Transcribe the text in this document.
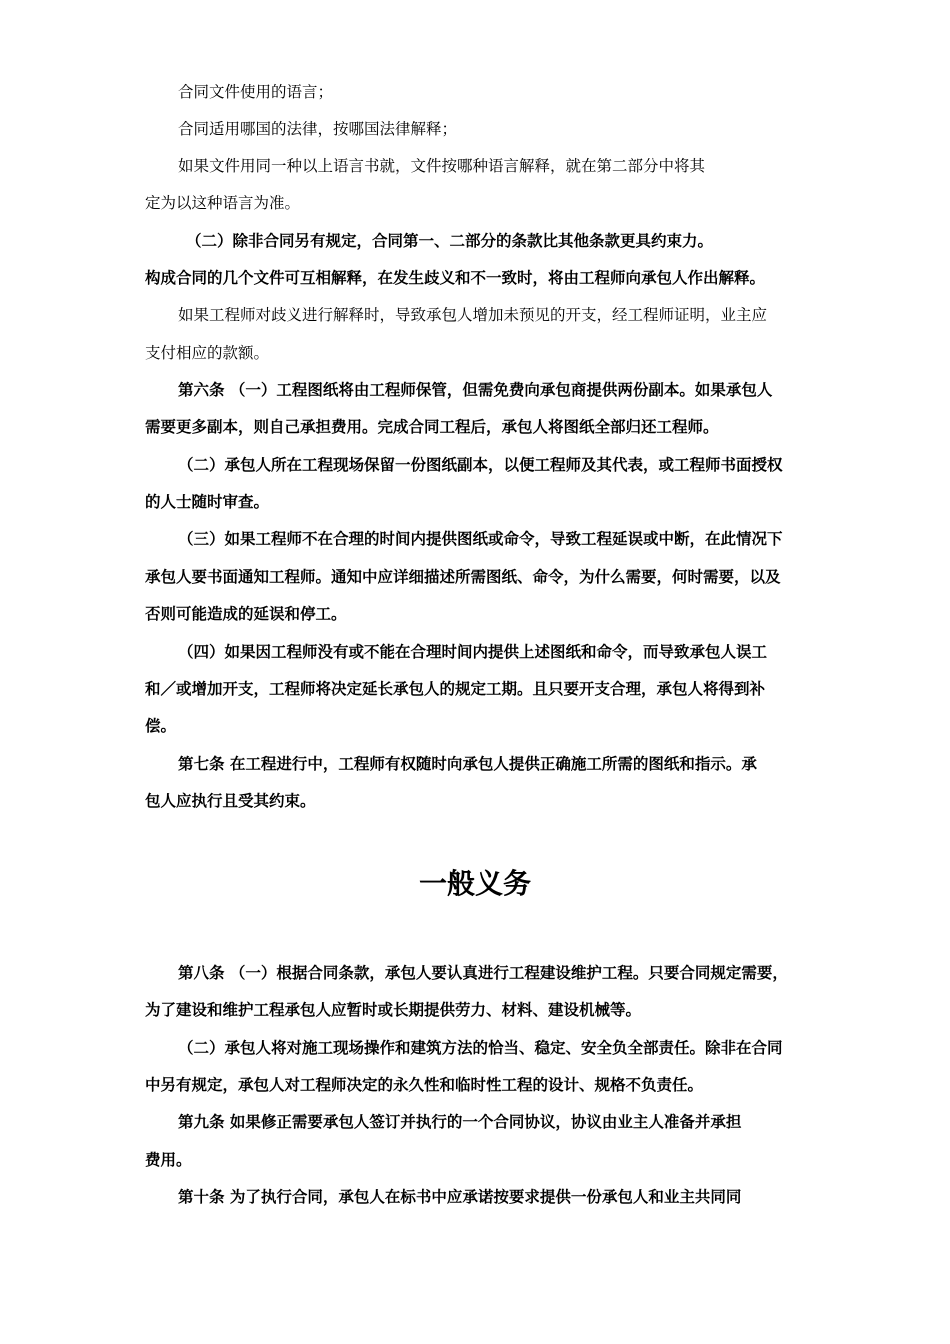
合同文件使用的语言；
合同适用哪国的法律，按哪国法律解释；
如果文件用同一种以上语言书就，文件按哪种语言解释，就在第二部分中将其
定为以这种语言为准。
（二）除非合同另有规定，合同第一、二部分的条款比其他条款更具约束力。
构成合同的几个文件可互相解释，在发生歧义和不一致时，将由工程师向承包人作出解释。
如果工程师对歧义进行解释时，导致承包人增加未预见的开支，经工程师证明，业主应
支付相应的款额。
第六条 （一）工程图纸将由工程师保管，但需免费向承包商提供两份副本。如果承包人
需要更多副本，则自己承担费用。完成合同工程后，承包人将图纸全部归还工程师。
（二）承包人所在工程现场保留一份图纸副本，以便工程师及其代表，或工程师书面授权
的人士随时审查。
（三）如果工程师不在合理的时间内提供图纸或命令，导致工程延误或中断，在此情况下
承包人要书面通知工程师。通知中应详细描述所需图纸、命令，为什么需要，何时需要，以及
否则可能造成的延误和停工。
（四）如果因工程师没有或不能在合理时间内提供上述图纸和命令，而导致承包人误工
和／或增加开支，工程师将决定延长承包人的规定工期。且只要开支合理，承包人将得到补
偿。
第七条 在工程进行中，工程师有权随时向承包人提供正确施工所需的图纸和指示。承
包人应执行且受其约束。
一般义务
第八条 （一）根据合同条款，承包人要认真进行工程建设维护工程。只要合同规定需要，
为了建设和维护工程承包人应暂时或长期提供劳力、材料、建设机械等。
（二）承包人将对施工现场操作和建筑方法的恰当、稳定、安全负全部责任。除非在合同
中另有规定，承包人对工程师决定的永久性和临时性工程的设计、规格不负责任。
第九条 如果修正需要承包人签订并执行的一个合同协议，协议由业主人准备并承担
费用。
第十条 为了执行合同，承包人在标书中应承诺按要求提供一份承包人和业主共同同
